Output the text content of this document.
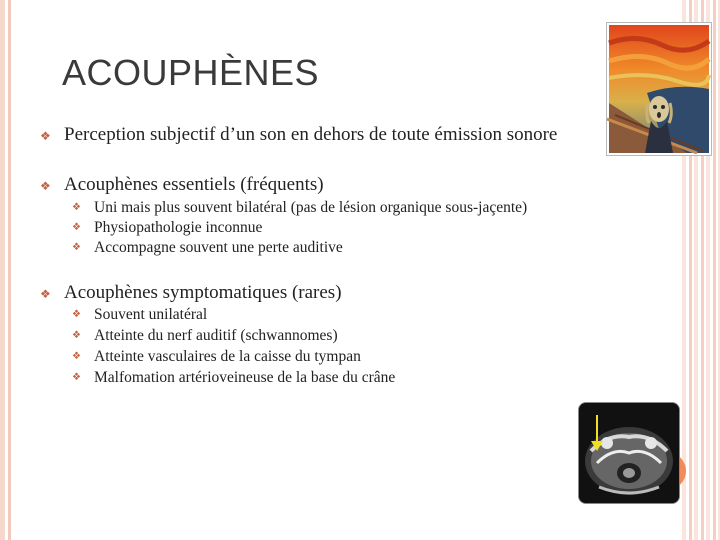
ACOUPHÈNES
❖ Perception subjectif d’un son en dehors de toute émission sonore
❖ Acouphènes essentiels (fréquents)
❖ Uni mais plus souvent bilatéral (pas de lésion organique sous-jaçente)
❖ Physiopathologie inconnue
❖ Accompagne souvent une perte auditive
❖ Acouphènes symptomatiques (rares)
❖ Souvent unilatéral
❖ Atteinte du nerf auditif (schwannomes)
❖ Atteinte vasculaires de la caisse du tympan
❖ Malfomation artérioveineuse de la base du crâne
